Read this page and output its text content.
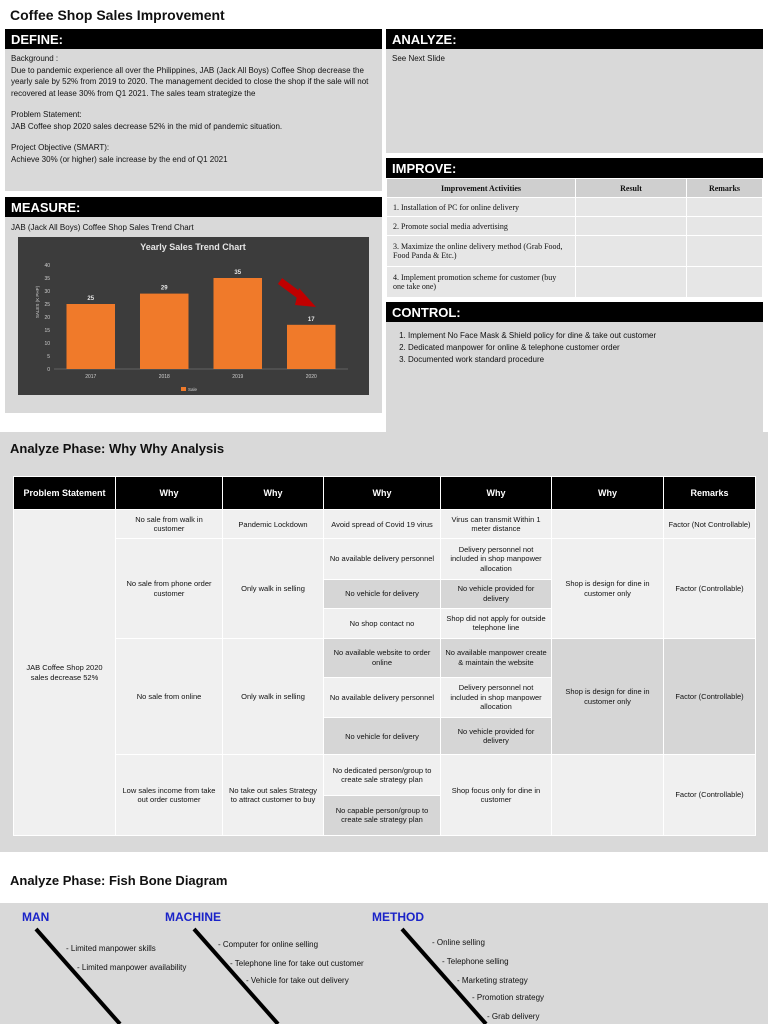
Coffee Shop Sales Improvement
DEFINE:

Background :

Due to pandemic experience all over the Philippines, JAB (Jack All Boys) Coffee Shop decrease the yearly sale by 52% from 2019 to 2020. The management decided to close the shop if the sale will not recovered at lease 30% from Q1 2021. The sales team strategize the

Problem Statement:

JAB Coffee shop 2020 sales decrease 52% in the mid of pandemic situation.

Project Objective (SMART):

Achieve 30% (or higher) sale increase by the end of Q1 2021

ANALYZE:
See Next Slide
MEASURE:
JAB (Jack All Boys) Coffee Shop Sales Trend Chart
Yearly Sales Trend Chart
SALES (K PHP)
0
5
10
15
20
25
30
35
40
25
2017
29
2018
35
2019
17
2020
Sale
IMPROVE:
Improvement Activities	Result	Remarks
1. Installation of PC for online delivery		
2. Promote social media advertising		
3. Maximize the online delivery method (Grab Food, Food Panda & Etc.)		
4. Implement promotion scheme for customer (buy one take one)		
CONTROL:
1. Implement No Face Mask & Shield policy for dine & take out customer
2. Dedicated manpower for online & telephone customer order
3. Documented work standard procedure
Analyze Phase: Why Why Analysis
Problem Statement	Why	Why	Why	Why	Why	Remarks
JAB Coffee Shop 2020 sales decrease 52%	No sale from walk in customer	Pandemic Lockdown	Avoid spread of Covid 19 virus	Virus can transmit Within 1 meter distance		Factor (Not Controllable)
	No sale from phone order customer	Only walk in selling	No available delivery personnel	Delivery personnel not included in shop manpower allocation	Shop is design for dine in customer only	Factor (Controllable)
			No vehicle for delivery	No vehicle provided for delivery		
			No shop contact no	Shop did not apply for outside telephone line		
	No sale from online	Only walk in selling	No available website to order online	No available manpower create & maintain the website	Shop is design for dine in customer only	Factor (Controllable)
			No available delivery personnel	Delivery personnel not included in shop manpower allocation		
			No vehicle for delivery	No vehicle provided for delivery		
	Low sales income from take out order customer	No take out sales Strategy to attract customer to buy	No dedicated person/group to create sale strategy plan	Shop focus only for dine in customer		Factor (Controllable)
			No capable person/group to create sale strategy plan			
Analyze Phase: Fish Bone Diagram
MAN
- Limited manpower skills
- Limited manpower availability
MACHINE
- Computer for online selling
- Telephone line for take out customer
- Vehicle for take out delivery
METHOD
- Online selling
- Telephone selling
- Marketing strategy
- Promotion strategy
- Grab delivery
